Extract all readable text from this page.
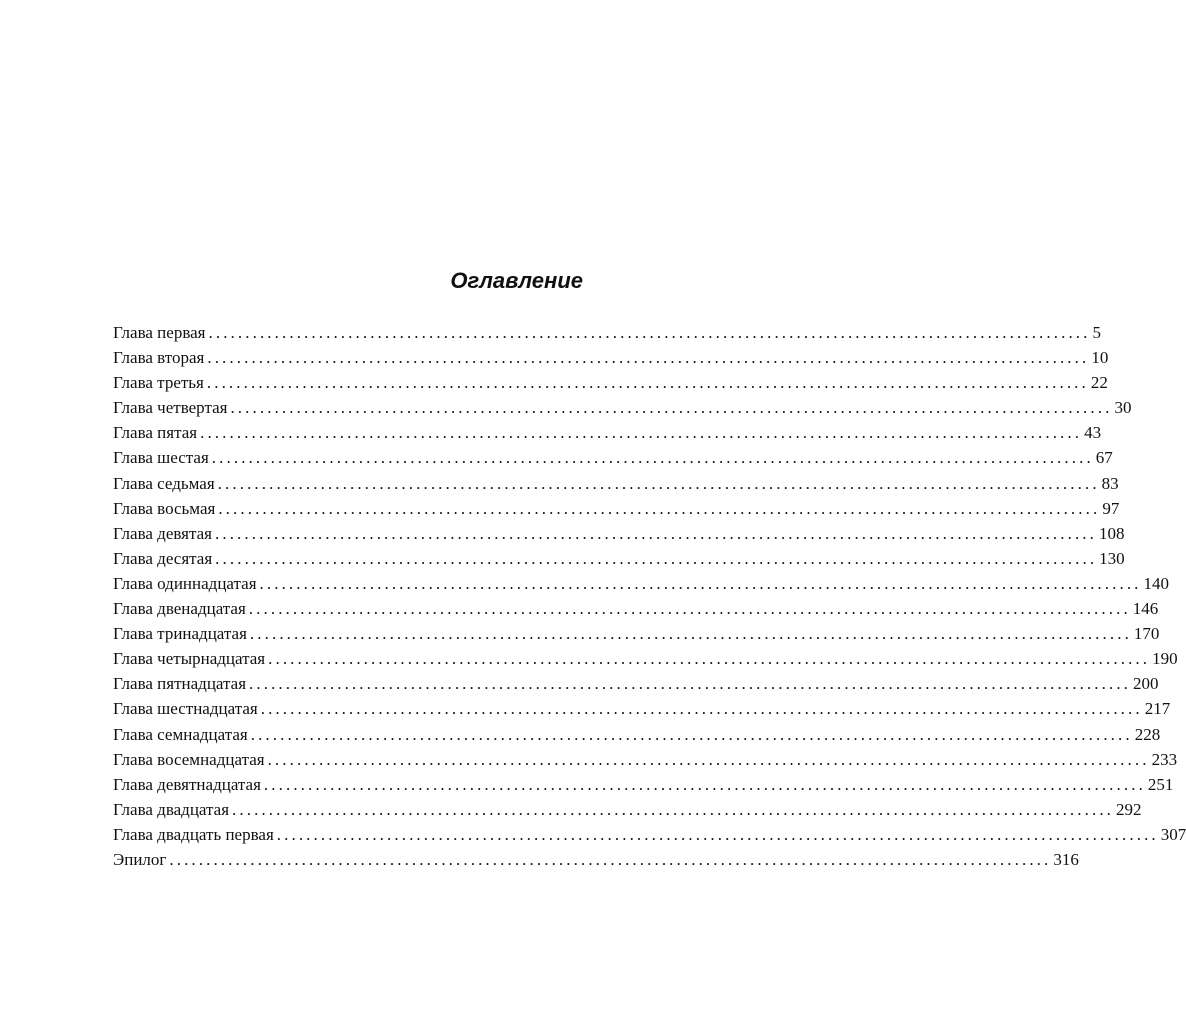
Оглавление
Глава первая ........................................................................................................................ 5
Глава вторая ........................................................................................................................ 10
Глава третья ........................................................................................................................ 22
Глава четвертая ........................................................................................................................ 30
Глава пятая ........................................................................................................................ 43
Глава шестая ........................................................................................................................ 67
Глава седьмая ........................................................................................................................ 83
Глава восьмая ........................................................................................................................ 97
Глава девятая ........................................................................................................................ 108
Глава десятая ........................................................................................................................ 130
Глава одиннадцатая ........................................................................................................................ 140
Глава двенадцатая ........................................................................................................................ 146
Глава тринадцатая ........................................................................................................................ 170
Глава четырнадцатая ........................................................................................................................ 190
Глава пятнадцатая ........................................................................................................................ 200
Глава шестнадцатая ........................................................................................................................ 217
Глава семнадцатая ........................................................................................................................ 228
Глава восемнадцатая ........................................................................................................................ 233
Глава девятнадцатая ........................................................................................................................ 251
Глава двадцатая ........................................................................................................................ 292
Глава двадцать первая ........................................................................................................................ 307
Эпилог ........................................................................................................................ 316
